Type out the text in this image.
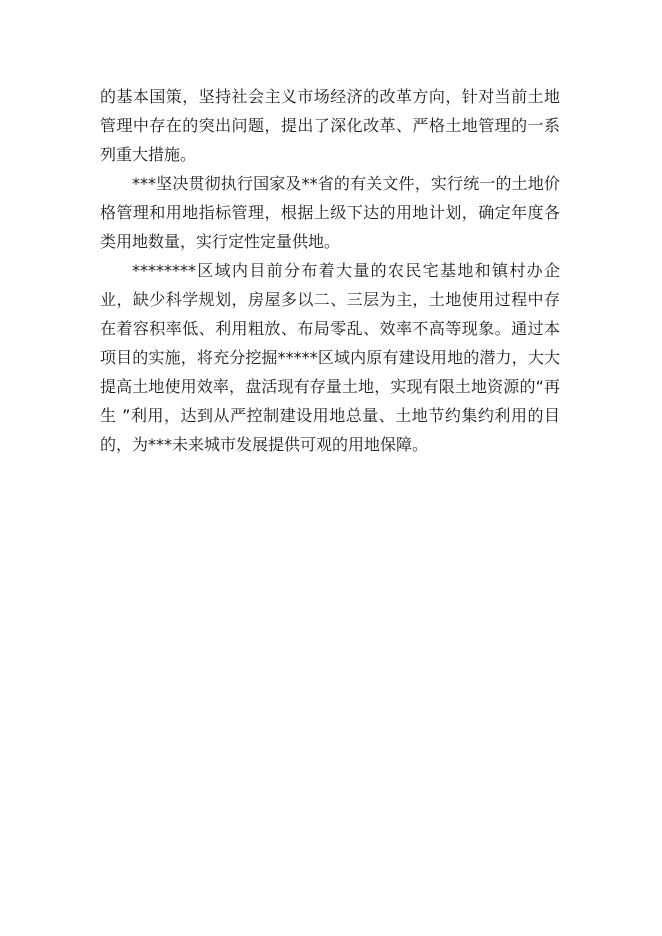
的基本国策，坚持社会主义市场经济的改革方向，针对当前土地管理中存在的突出问题，提出了深化改革、严格土地管理的一系列重大措施。

***坚决贯彻执行国家及**省的有关文件，实行统一的土地价格管理和用地指标管理，根据上级下达的用地计划，确定年度各类用地数量，实行定性定量供地。

********区域内目前分布着大量的农民宅基地和镇村办企业，缺少科学规划，房屋多以二、三层为主，土地使用过程中存在着容积率低、利用粗放、布局零乱、效率不高等现象。通过本项目的实施，将充分挖掘*****区域内原有建设用地的潜力，大大提高土地使用效率，盘活现有存量土地，实现有限土地资源的“再生 ”利用，达到从严控制建设用地总量、土地节约集约利用的目的，为***未来城市发展提供可观的用地保障。
